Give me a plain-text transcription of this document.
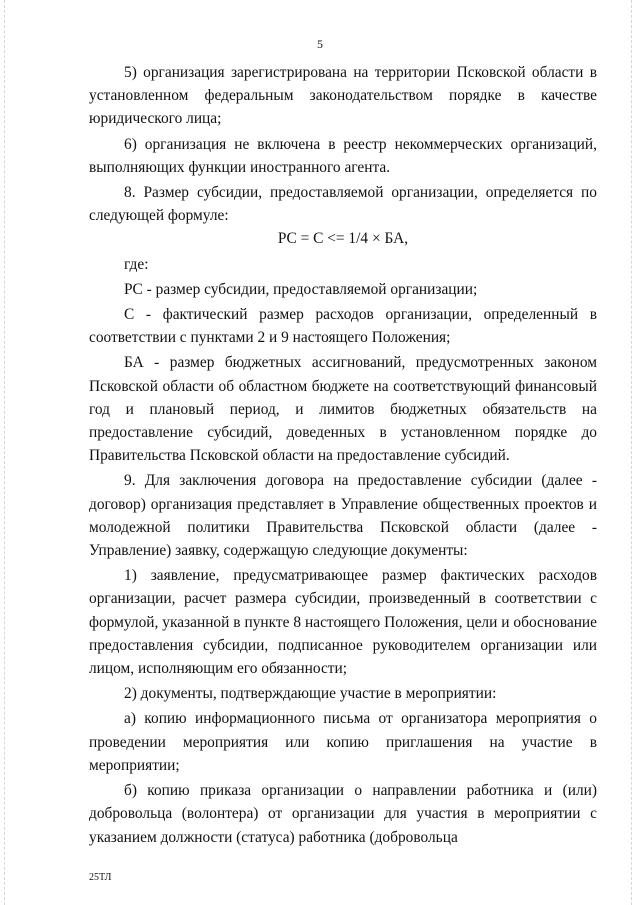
5

5) организация зарегистрирована на территории Псковской области в установленном федеральным законодательством порядке в качестве юридического лица;

6) организация не включена в реестр некоммерческих организаций, выполняющих функции иностранного агента.

8. Размер субсидии, предоставляемой организации, определяется по следующей формуле:

PC = C <= 1/4 × БА,

где:

PC - размер субсидии, предоставляемой организации;

С - фактический размер расходов организации, определенный в соответствии с пунктами 2 и 9 настоящего Положения;

БА - размер бюджетных ассигнований, предусмотренных законом Псковской области об областном бюджете на соответствующий финансовый год и плановый период, и лимитов бюджетных обязательств на предоставление субсидий, доведенных в установленном порядке до Правительства Псковской области на предоставление субсидий.

9. Для заключения договора на предоставление субсидии (далее - договор) организация представляет в Управление общественных проектов и молодежной политики Правительства Псковской области (далее - Управление) заявку, содержащую следующие документы:

1) заявление, предусматривающее размер фактических расходов организации, расчет размера субсидии, произведенный в соответствии с формулой, указанной в пункте 8 настоящего Положения, цели и обоснование предоставления субсидии, подписанное руководителем организации или лицом, исполняющим его обязанности;

2) документы, подтверждающие участие в мероприятии:

а) копию информационного письма от организатора мероприятия о проведении мероприятия или копию приглашения на участие в мероприятии;

б) копию приказа организации о направлении работника и (или) добровольца (волонтера) от организации для участия в мероприятии с указанием должности (статуса) работника (добровольца

25ТЛ
